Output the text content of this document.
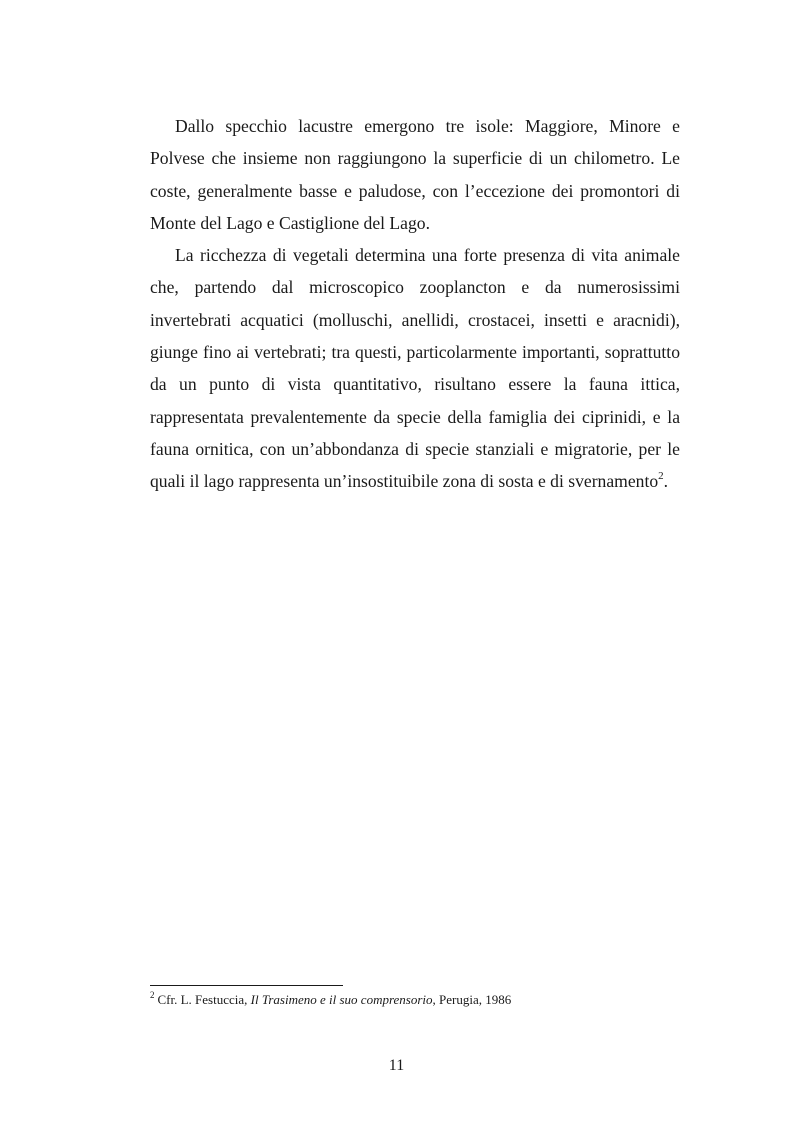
Dallo specchio lacustre emergono tre isole: Maggiore, Minore e Polvese che insieme non raggiungono la superficie di un chilometro. Le coste, generalmente basse e paludose, con l’eccezione dei promontori di Monte del Lago e Castiglione del Lago.

La ricchezza di vegetali determina una forte presenza di vita animale che, partendo dal microscopico zooplancton e da numerosissimi invertebrati acquatici (molluschi, anellidi, crostacei, insetti e aracnidi), giunge fino ai vertebrati; tra questi, particolarmente importanti, soprattutto da un punto di vista quantitativo, risultano essere la fauna ittica, rappresentata prevalentemente da specie della famiglia dei ciprinidi, e la fauna ornitica, con un’abbondanza di specie stanziali e migratorie, per le quali il lago rappresenta un’insostituibile zona di sosta e di svernamento$^2$.

$^2$ Cfr. L. Festuccia, Il Trasimeno e il suo comprensorio, Perugia, 1986
11
